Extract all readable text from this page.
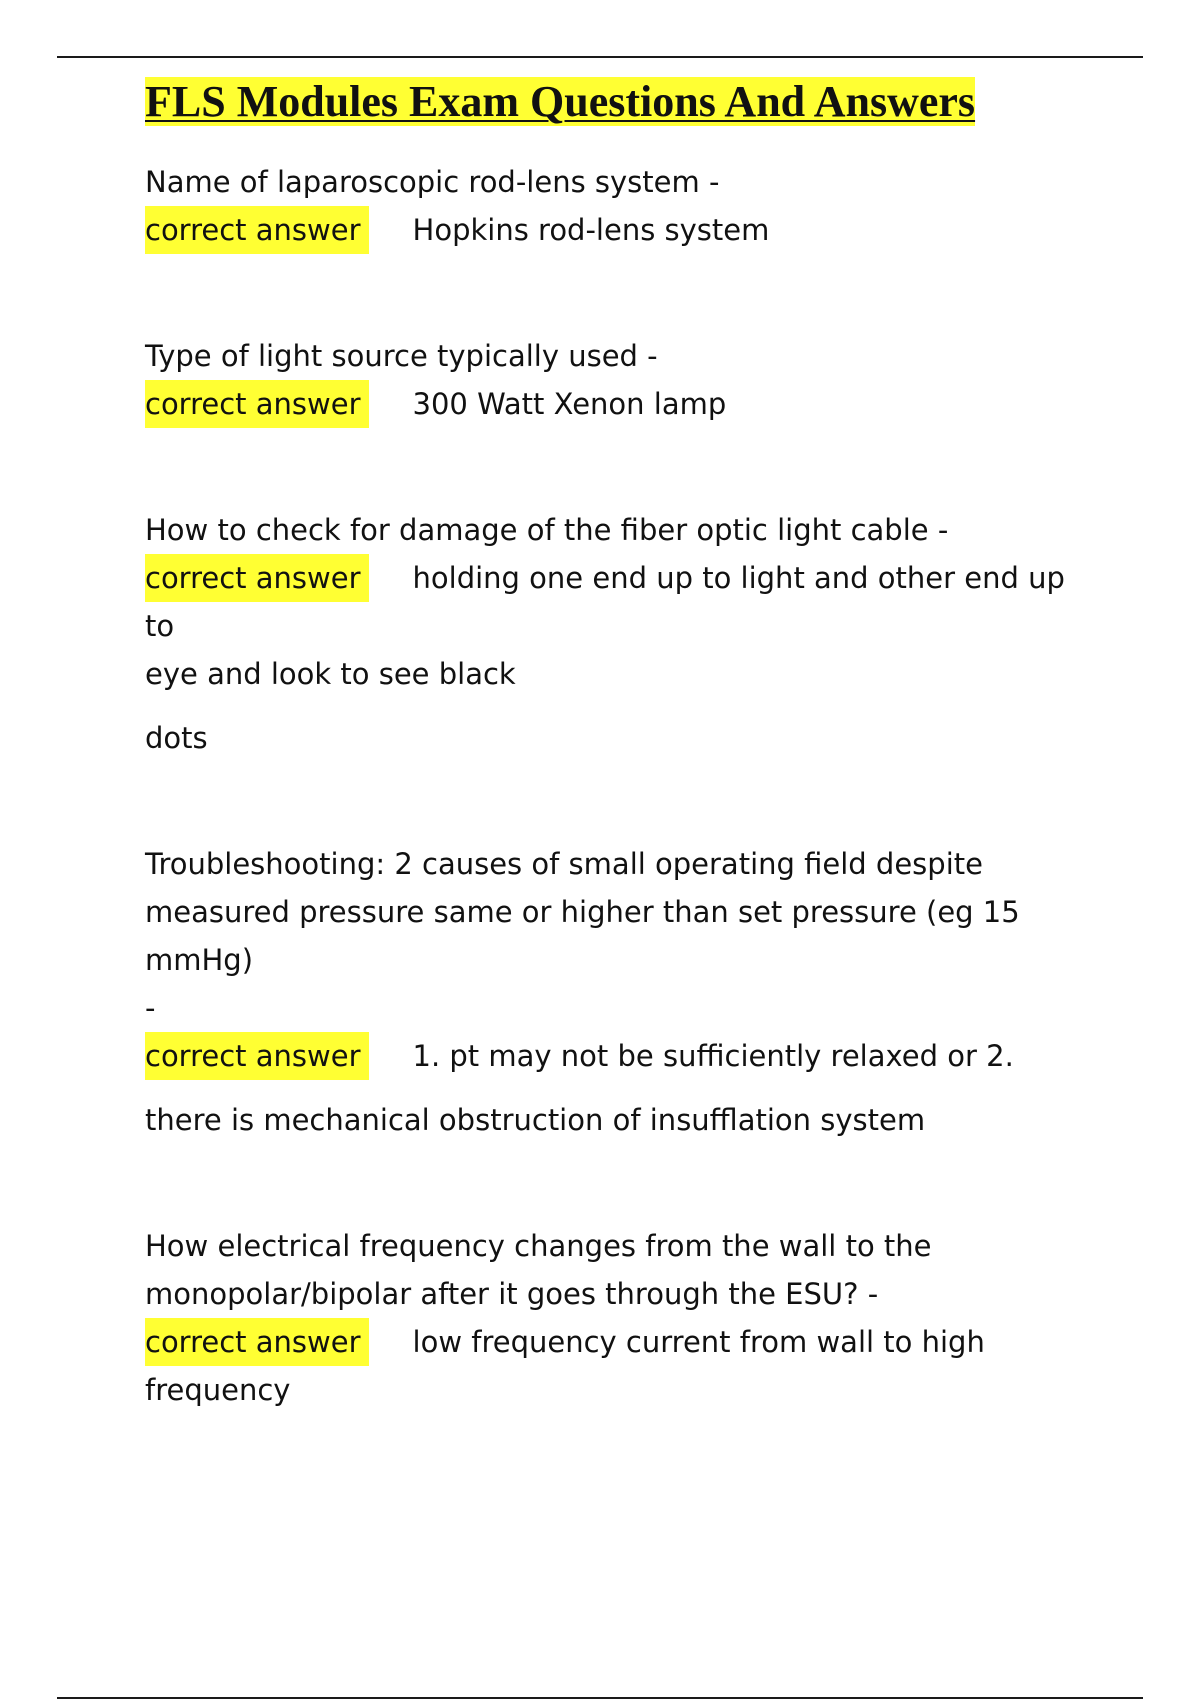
FLS Modules Exam Questions And Answers

Name of laparoscopic rod-lens system -

correct answer Hopkins rod-lens system

Type of light source typically used -

correct answer 300 Watt Xenon lamp

How to check for damage of the fiber optic light cable -

correct answer holding one end up to light and other end up to

eye and look to see black

dots

Troubleshooting: 2 causes of small operating field despite

measured pressure same or higher than set pressure (eg 15 mmHg)

-

correct answer 1. pt may not be sufficiently relaxed or 2.

there is mechanical obstruction of insufflation system

How electrical frequency changes from the wall to the

monopolar/bipolar after it goes through the ESU? -

correct answer low frequency current from wall to high

frequency
